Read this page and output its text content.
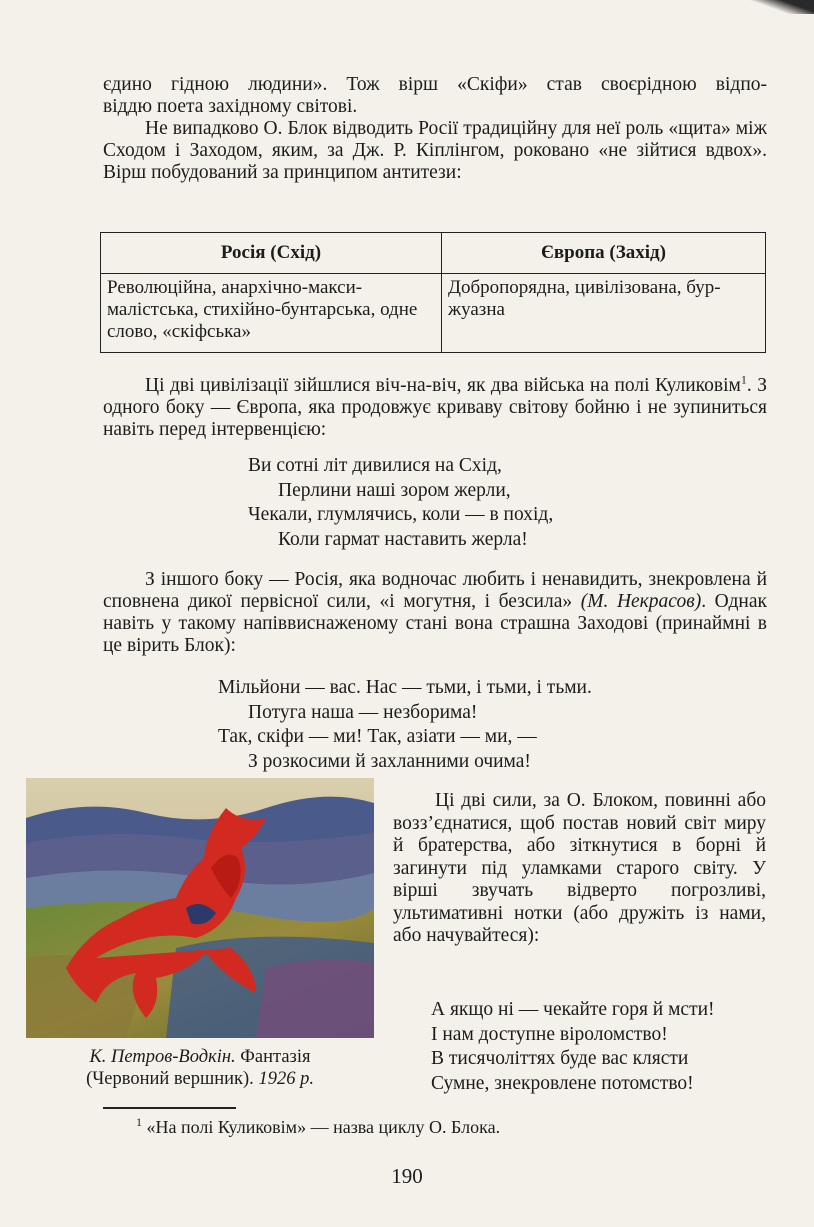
єдино гідною людини». Тож вірш «Скіфи» став своєрідною відпо-

віддю поета західному світові.

Не випадково О. Блок відводить Росії традиційну для неї роль «щита» між Сходом і Заходом, яким, за Дж. Р. Кіплінгом, роковано «не зійтися вдвох». Вірш побудований за принципом антитези:

Росія (Схід)	Європа (Захід)
Революційна, анархічно-макси-малістська, стихійно-бунтарська, одне слово, «скіфська»	Добропорядна, цивілізована, бур-жуазна

Ці дві цивілізації зійшлися віч-на-віч, як два війська на полі Куликовім$^1$. З одного боку — Європа, яка продовжує криваву світову бойню і не зупиниться навіть перед інтервенцією:

Ви сотні літ дивилися на Схід,
Перлини наші зором жерли,
Чекали, глумлячись, коли — в похід,
Коли гармат наставить жерла!

З іншого боку — Росія, яка водночас любить і ненавидить, знекровлена й сповнена дикої первісної сили, «і могутня, і безсила» (М. Некрасов). Однак навіть у такому напіввиснаженому стані вона страшна Заходові (принаймні в це вірить Блок):

Мільйони — вас. Нас — тьми, і тьми, і тьми.
Потуга наша — незборима!
Так, скіфи — ми! Так, азіати — ми, —
З розкосими й захланними очима!
К. Петров-Водкін. Фантазія
(Червоний вершник). 1926 р.

Ці дві сили, за О. Блоком, повинні або возз’єднатися, щоб постав новий світ миру й братерства, або зіткнутися в борні й загинути під уламками старого світу. У вірші звучать відверто погрозливі, ультимативні нотки (або дружіть із нами, або начувайтеся):

А якщо ні — чекайте горя й мсти!
І нам доступне віроломство!
В тисячоліттях буде вас клясти
Сумне, знекровлене потомство!
$^1$ «На полі Куликовім» — назва циклу О. Блока.
190
